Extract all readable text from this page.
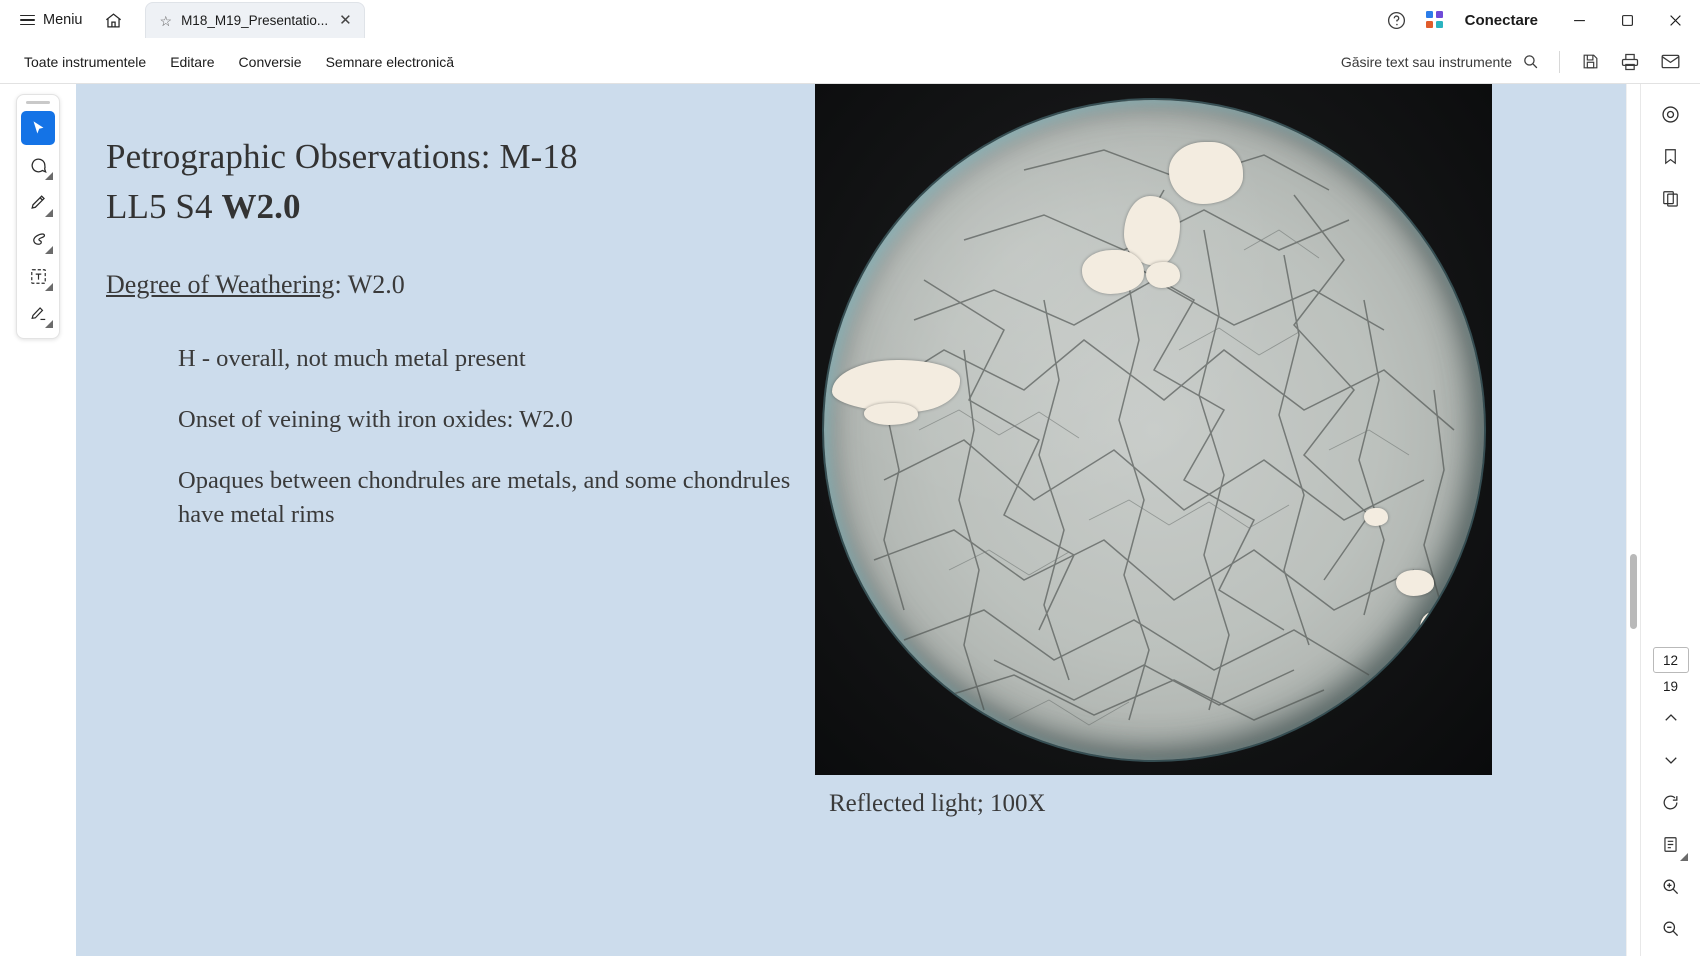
Meniu	☆ M18_M19_Presentatio... ✕	Conectare
Toate instrumentele	Editare	Conversie	Semnare electronică
Găsire text sau instrumente
Petrographic Observations: M-18
LL5 S4 W2.0
Degree of Weathering: W2.0
H - overall, not much metal present
Onset of veining with iron oxides: W2.0
Opaques between chondrules are metals, and some chondrules have metal rims
Reflected light; 100X
12
19
